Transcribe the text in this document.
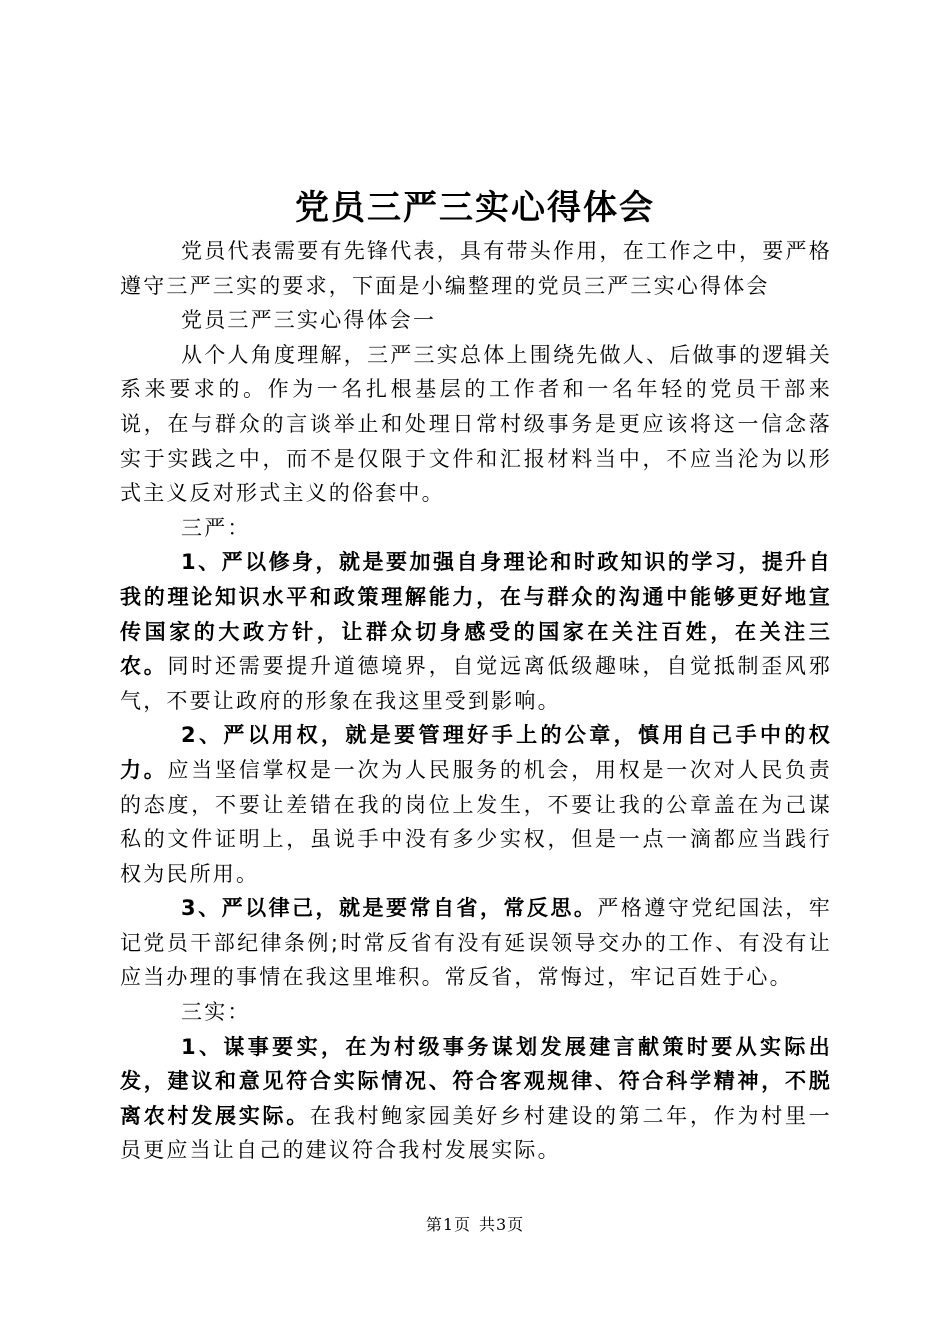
党员三严三实心得体会

党员代表需要有先锋代表，具有带头作用，在工作之中，要严格遵守三严三实的要求，下面是小编整理的党员三严三实心得体会

党员三严三实心得体会一

从个人角度理解，三严三实总体上围绕先做人、后做事的逻辑关系来要求的。作为一名扎根基层的工作者和一名年轻的党员干部来说，在与群众的言谈举止和处理日常村级事务是更应该将这一信念落实于实践之中，而不是仅限于文件和汇报材料当中，不应当沦为以形式主义反对形式主义的俗套中。

三严：

1、严以修身，就是要加强自身理论和时政知识的学习，提升自我的理论知识水平和政策理解能力，在与群众的沟通中能够更好地宣传国家的大政方针，让群众切身感受的国家在关注百姓，在关注三农。同时还需要提升道德境界，自觉远离低级趣味，自觉抵制歪风邪气，不要让政府的形象在我这里受到影响。

2、严以用权，就是要管理好手上的公章，慎用自己手中的权力。应当坚信掌权是一次为人民服务的机会，用权是一次对人民负责的态度，不要让差错在我的岗位上发生，不要让我的公章盖在为己谋私的文件证明上，虽说手中没有多少实权，但是一点一滴都应当践行权为民所用。

3、严以律己，就是要常自省，常反思。严格遵守党纪国法，牢记党员干部纪律条例;时常反省有没有延误领导交办的工作、有没有让应当办理的事情在我这里堆积。常反省，常悔过，牢记百姓于心。

三实：

1、谋事要实，在为村级事务谋划发展建言献策时要从实际出发，建议和意见符合实际情况、符合客观规律、符合科学精神，不脱离农村发展实际。在我村鲍家园美好乡村建设的第二年，作为村里一员更应当让自己的建议符合我村发展实际。

第1页 共3页
